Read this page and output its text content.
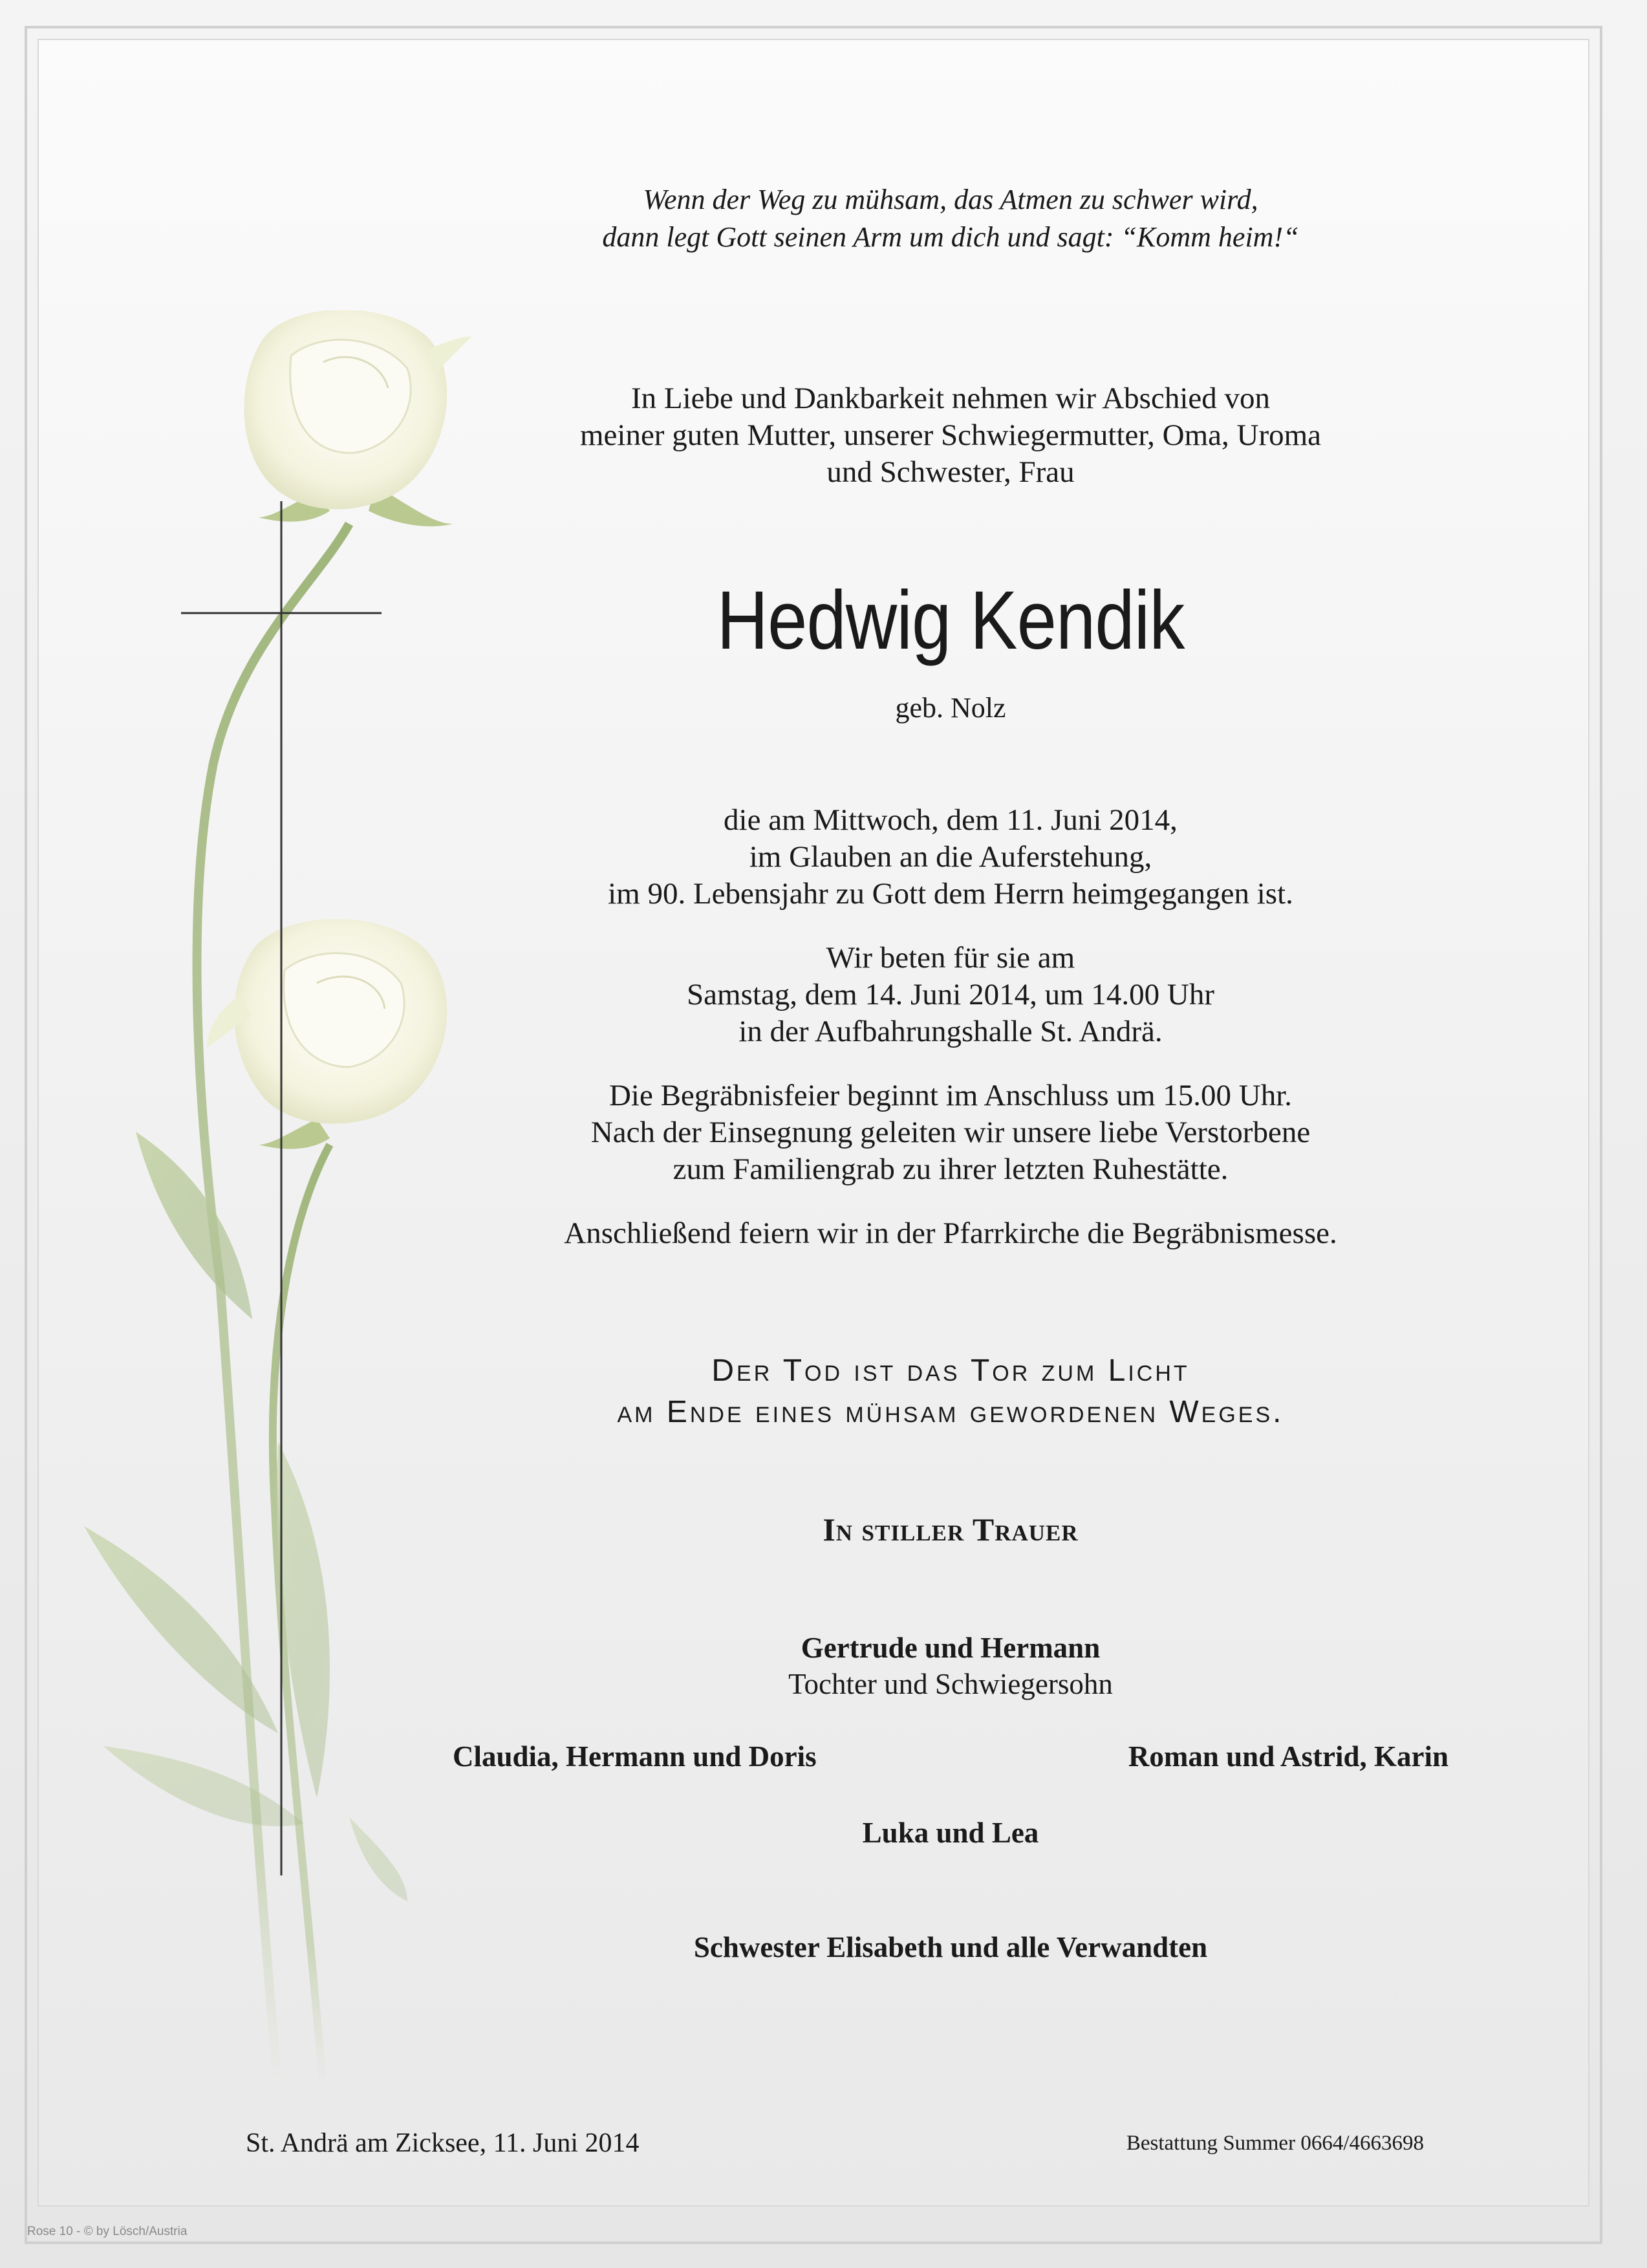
Wenn der Weg zu mühsam, das Atmen zu schwer wird,
dann legt Gott seinen Arm um dich und sagt: “Komm heim!“
In Liebe und Dankbarkeit nehmen wir Abschied von
meiner guten Mutter, unserer Schwiegermutter, Oma, Uroma
und Schwester, Frau
Hedwig Kendik
geb. Nolz

die am Mittwoch, dem 11. Juni 2014,
im Glauben an die Auferstehung,
im 90. Lebensjahr zu Gott dem Herrn heimgegangen ist.

Wir beten für sie am
Samstag, dem 14. Juni 2014, um 14.00 Uhr
in der Aufbahrungshalle St. Andrä.

Die Begräbnisfeier beginnt im Anschluss um 15.00 Uhr.
Nach der Einsegnung geleiten wir unsere liebe Verstorbene
zum Familiengrab zu ihrer letzten Ruhestätte.

Anschließend feiern wir in der Pfarrkirche die Begräbnismesse.

Der Tod ist das Tor zum Licht
am Ende eines mühsam gewordenen Weges.
In stiller Trauer
Gertrude und Hermann
Tochter und Schwiegersohn
Claudia, Hermann und Doris	Roman und Astrid, Karin
Luka und Lea
Schwester Elisabeth und alle Verwandten
St. Andrä am Zicksee, 11. Juni 2014	Bestattung Summer 0664/4663698
Rose 10 - © by Lösch/Austria
